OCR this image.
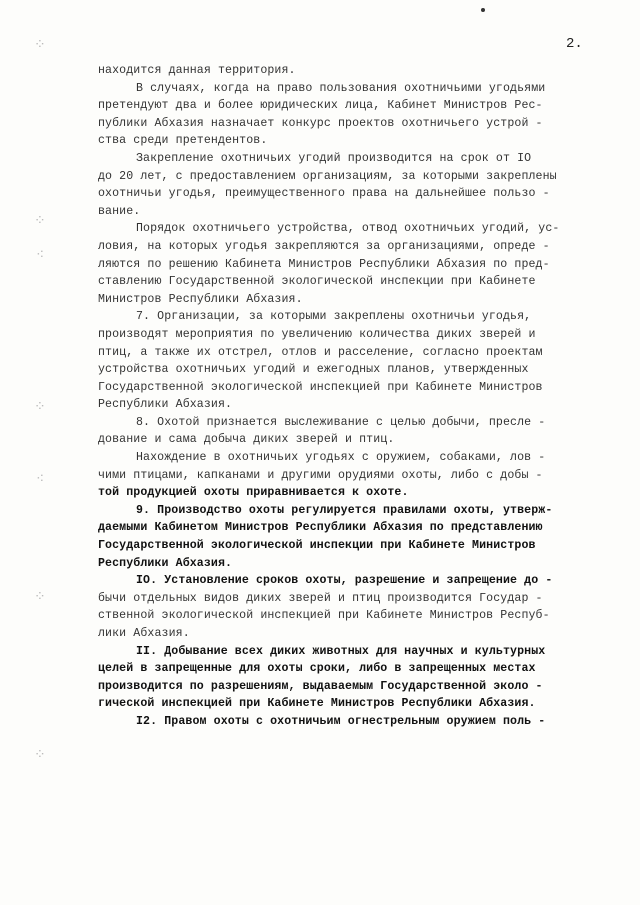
2.
⁘
⁘
⁖
⁘
⁖
⁘
⁘
находится данная территория.
В случаях, когда на право пользования охотничьими угодьями
претендуют два и более юридических лица, Кабинет Министров Рес-
публики Абхазия назначает конкурс проектов охотничьего устрой -
ства среди претендентов.
Закрепление охотничьих угодий производится на срок от IO
до 20 лет, с предоставлением организациям, за которыми закреплены
охотничьи угодья, преимущественного права на дальнейшее пользо -
вание.
Порядок охотничьего устройства, отвод охотничьих угодий, ус-
ловия, на которых угодья закрепляются за организациями, опреде -
ляются по решению Кабинета Министров Республики Абхазия по пред-
ставлению Государственной экологической инспекции при Кабинете
Министров Республики Абхазия.
7. Организации, за которыми закреплены охотничьи угодья,
производят мероприятия по увеличению количества диких зверей и
птиц, а также их отстрел, отлов и расселение, согласно проектам
устройства охотничьих угодий и ежегодных планов, утвержденных
Государственной экологической инспекцией при Кабинете Министров
Республики Абхазия.
8. Охотой признается выслеживание с целью добычи, пресле -
дование и сама добыча диких зверей и птиц.
Нахождение в охотничьих угодьях с оружием, собаками, лов -
чими птицами, капканами и другими орудиями охоты, либо с добы -
той продукцией охоты приравнивается к охоте.
9. Производство охоты регулируется правилами охоты, утверж-
даемыми Кабинетом Министров Республики Абхазия по представлению
Государственной экологической инспекции при Кабинете Министров
Республики Абхазия.
IO. Установление сроков охоты, разрешение и запрещение до -
бычи отдельных видов диких зверей и птиц производится Государ -
ственной экологической инспекцией при Кабинете Министров Респуб-
лики Абхазия.
II. Добывание всех диких животных для научных и культурных
целей в запрещенные для охоты сроки, либо в запрещенных местах
производится по разрешениям, выдаваемым Государственной эколо -
гической инспекцией при Кабинете Министров Республики Абхазия.
I2. Правом охоты с охотничьим огнестрельным оружием поль -
